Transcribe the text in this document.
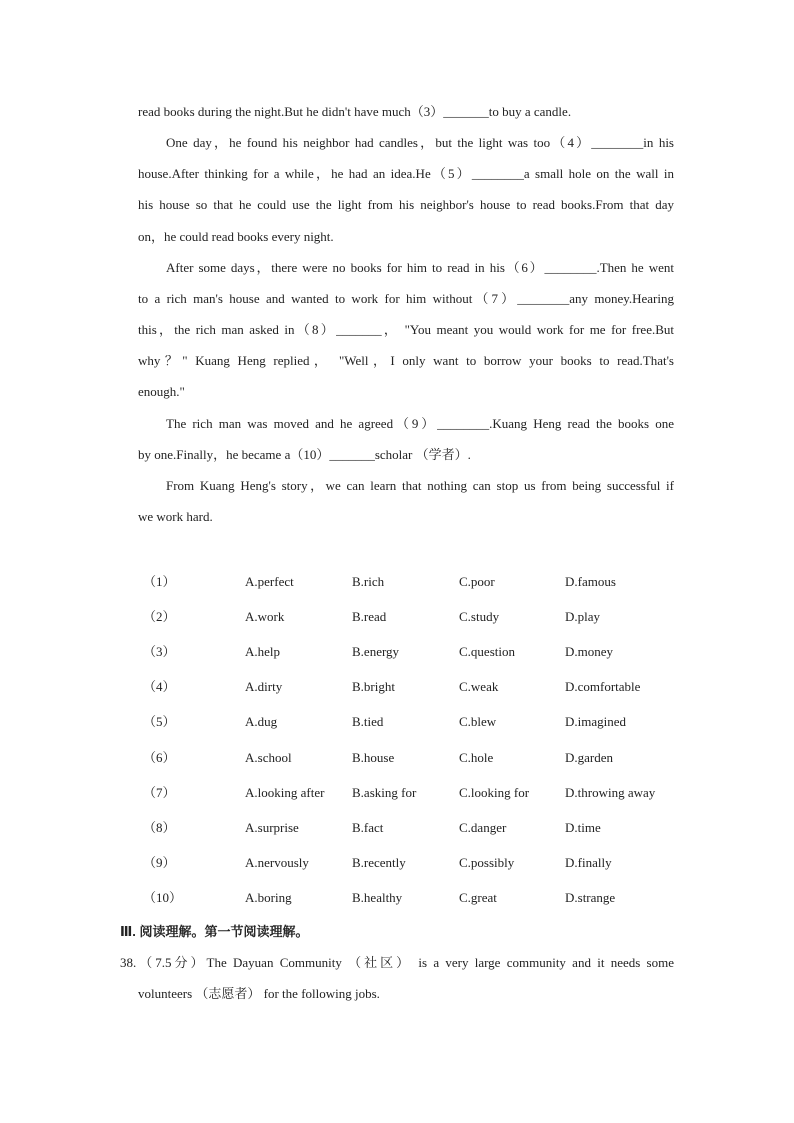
read books during the night.But he didn't have much（3）_______to buy a candle.
One day，he found his neighbor had candles，but the light was too（4）________in his
house.After thinking for a while，he had an idea.He（5）________a small hole on the wall in
his house so that he could use the light from his neighbor's house to read books.From that day
on，he could read books every night.
After some days，there were no books for him to read in his（6）________.Then he went
to a rich man's house and wanted to work for him without（7）________any money.Hearing
this，the rich man asked in（8）_______， "You meant you would work for me for free.But
why？" Kuang Heng replied， "Well，I only want to borrow your books to read.That's
enough."
The rich man was moved and he agreed（9）________.Kuang Heng read the books one
by one.Finally，he became a（10）_______scholar （学者）.
From Kuang Heng's story，we can learn that nothing can stop us from being successful if
we work hard.
（1）	A.perfect	B.rich	C.poor	D.famous
（2）	A.work	B.read	C.study	D.play
（3）	A.help	B.energy	C.question	D.money
（4）	A.dirty	B.bright	C.weak	D.comfortable
（5）	A.dug	B.tied	C.blew	D.imagined
（6）	A.school	B.house	C.hole	D.garden
（7）	A.looking after B.asking for	C.looking for	D.throwing away
（8）	A.surprise	B.fact	C.danger	D.time
（9）	A.nervously	B.recently	C.possibly	D.finally
（10）	A.boring	B.healthy	C.great	D.strange
Ⅲ. 阅读理解。第一节阅读理解。
38.（7.5分）The Dayuan Community （社区） is a very large community and it needs some
volunteers （志愿者） for the following jobs.
